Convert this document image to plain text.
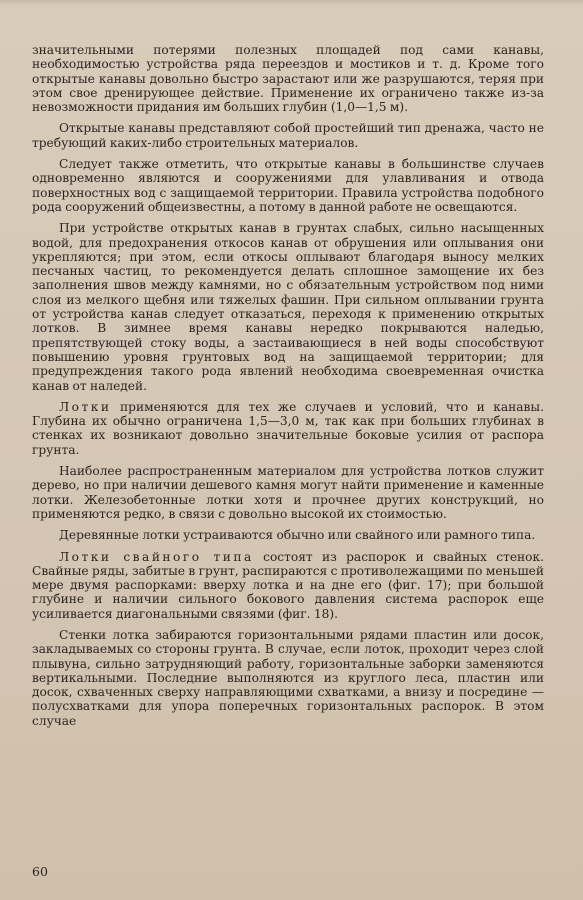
значительными потерями полезных площадей под сами канавы, необходимостью устройства ряда переездов и мостиков и т. д. Кроме того открытые канавы довольно быстро зарастают или же разрушаются, теряя при этом свое дренирующее действие. Применение их ограничено также из-за невозможности придания им больших глубин (1,0—1,5 м).

Открытые канавы представляют собой простейший тип дренажа, часто не требующий каких-либо строительных материалов.

Следует также отметить, что открытые канавы в большинстве случаев одновременно являются и сооружениями для улавливания и отвода поверхностных вод с защищаемой территории. Правила устройства подобного рода сооружений общеизвестны, а потому в данной работе не освещаются.

При устройстве открытых канав в грунтах слабых, сильно насыщенных водой, для предохранения откосов канав от обрушения или оплывания они укрепляются; при этом, если откосы оплывают благодаря выносу мелких песчаных частиц, то рекомендуется делать сплошное замощение их без заполнения швов между камнями, но с обязательным устройством под ними слоя из мелкого щебня или тяжелых фашин. При сильном оплывании грунта от устройства канав следует отказаться, переходя к применению открытых лотков. В зимнее время канавы нередко покрываются наледью, препятствующей стоку воды, а застаивающиеся в ней воды способствуют повышению уровня грунтовых вод на защищаемой территории; для предупреждения такого рода явлений необходима своевременная очистка канав от наледей.

Лотки применяются для тех же случаев и условий, что и канавы. Глубина их обычно ограничена 1,5—3,0 м, так как при больших глубинах в стенках их возникают довольно значительные боковые усилия от распора грунта.

Наиболее распространенным материалом для устройства лотков служит дерево, но при наличии дешевого камня могут найти применение и каменные лотки. Железобетонные лотки хотя и прочнее других конструкций, но применяются редко, в связи с довольно высокой их стоимостью.

Деревянные лотки устраиваются обычно или свайного или рамного типа.

Лотки свайного типа состоят из распорок и свайных стенок. Свайные ряды, забитые в грунт, распираются с противолежащими по меньшей мере двумя распорками: вверху лотка и на дне его (фиг. 17); при большой глубине и наличии сильного бокового давления система распорок еще усиливается диагональными связями (фиг. 18).

Стенки лотка забираются горизонтальными рядами пластин или досок, закладываемых со стороны грунта. В случае, если лоток, проходит через слой плывуна, сильно затрудняющий работу, горизонтальные заборки заменяются вертикальными. Последние выполняются из круглого леса, пластин или досок, схваченных сверху направляющими схватками, а внизу и посредине — полусхватками для упора поперечных горизонтальных распорок. В этом случае

60
